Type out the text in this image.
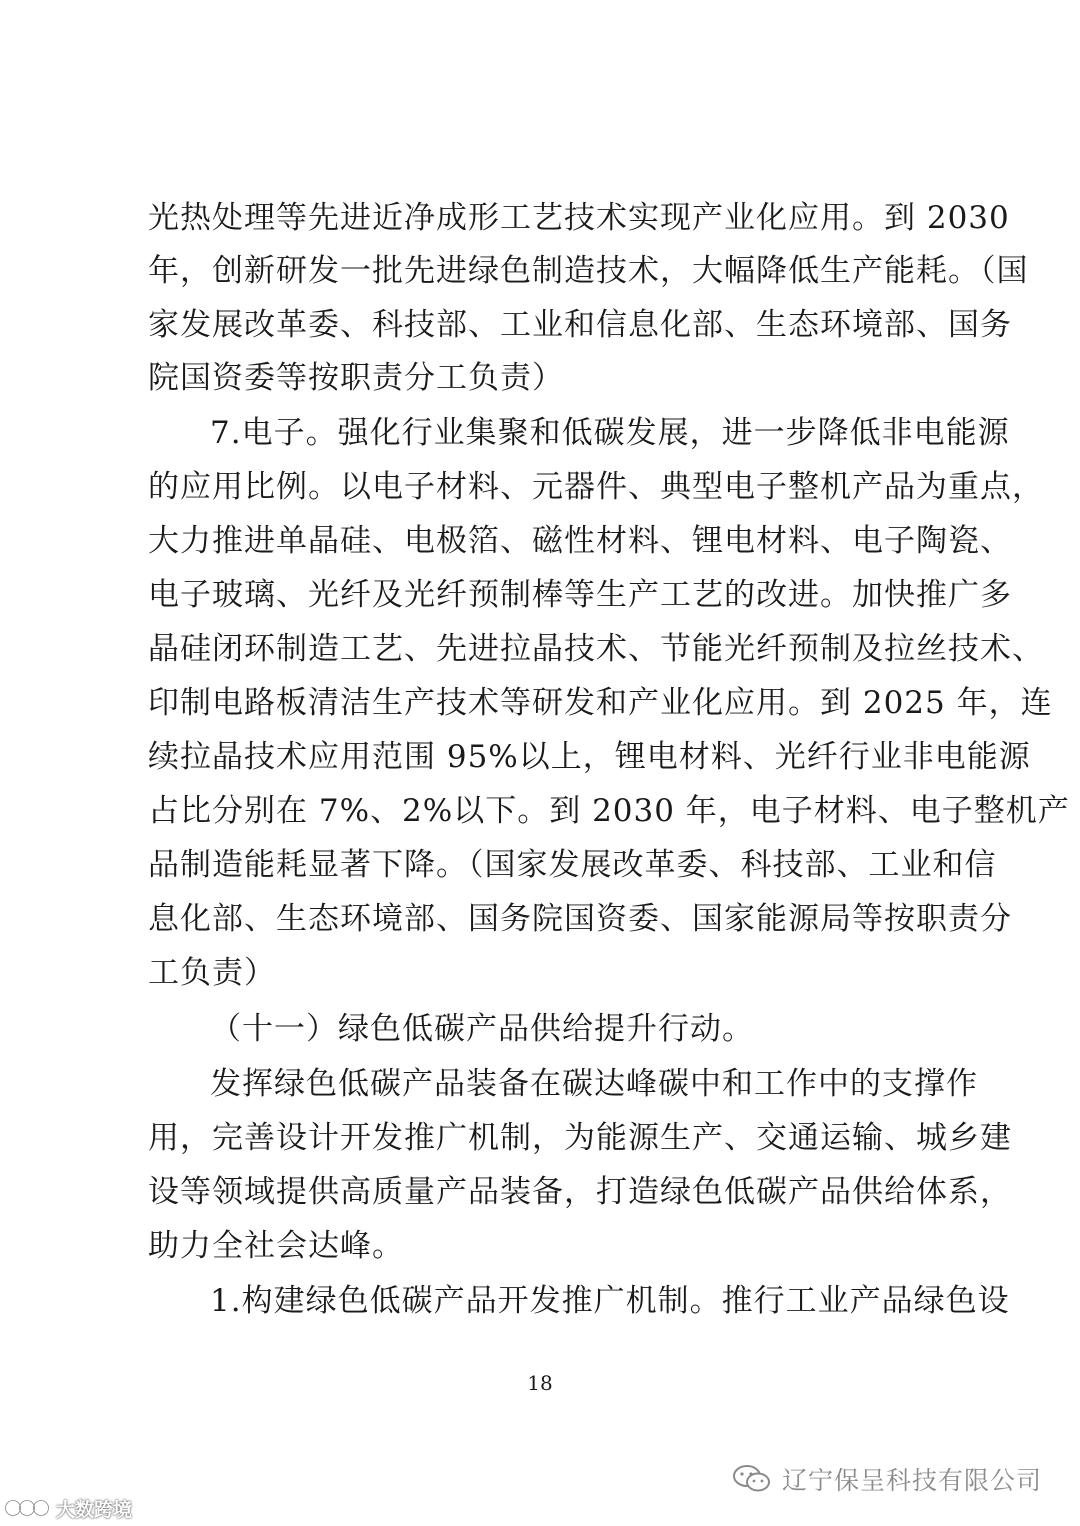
光热处理等先进近净成形工艺技术实现产业化应用。到 2030
年，创新研发一批先进绿色制造技术，大幅降低生产能耗。（国
家发展改革委、科技部、工业和信息化部、生态环境部、国务
院国资委等按职责分工负责）
7.电子。强化行业集聚和低碳发展，进一步降低非电能源
的应用比例。以电子材料、元器件、典型电子整机产品为重点，
大力推进单晶硅、电极箔、磁性材料、锂电材料、电子陶瓷、
电子玻璃、光纤及光纤预制棒等生产工艺的改进。加快推广多
晶硅闭环制造工艺、先进拉晶技术、节能光纤预制及拉丝技术、
印制电路板清洁生产技术等研发和产业化应用。到 2025 年，连
续拉晶技术应用范围 95%以上，锂电材料、光纤行业非电能源
占比分别在 7%、2%以下。到 2030 年，电子材料、电子整机产
品制造能耗显著下降。（国家发展改革委、科技部、工业和信
息化部、生态环境部、国务院国资委、国家能源局等按职责分
工负责）
（十一）绿色低碳产品供给提升行动。
发挥绿色低碳产品装备在碳达峰碳中和工作中的支撑作
用，完善设计开发推广机制，为能源生产、交通运输、城乡建
设等领域提供高质量产品装备，打造绿色低碳产品供给体系，
助力全社会达峰。
1.构建绿色低碳产品开发推广机制。推行工业产品绿色设
18
辽宁保呈科技有限公司
大数跨境
